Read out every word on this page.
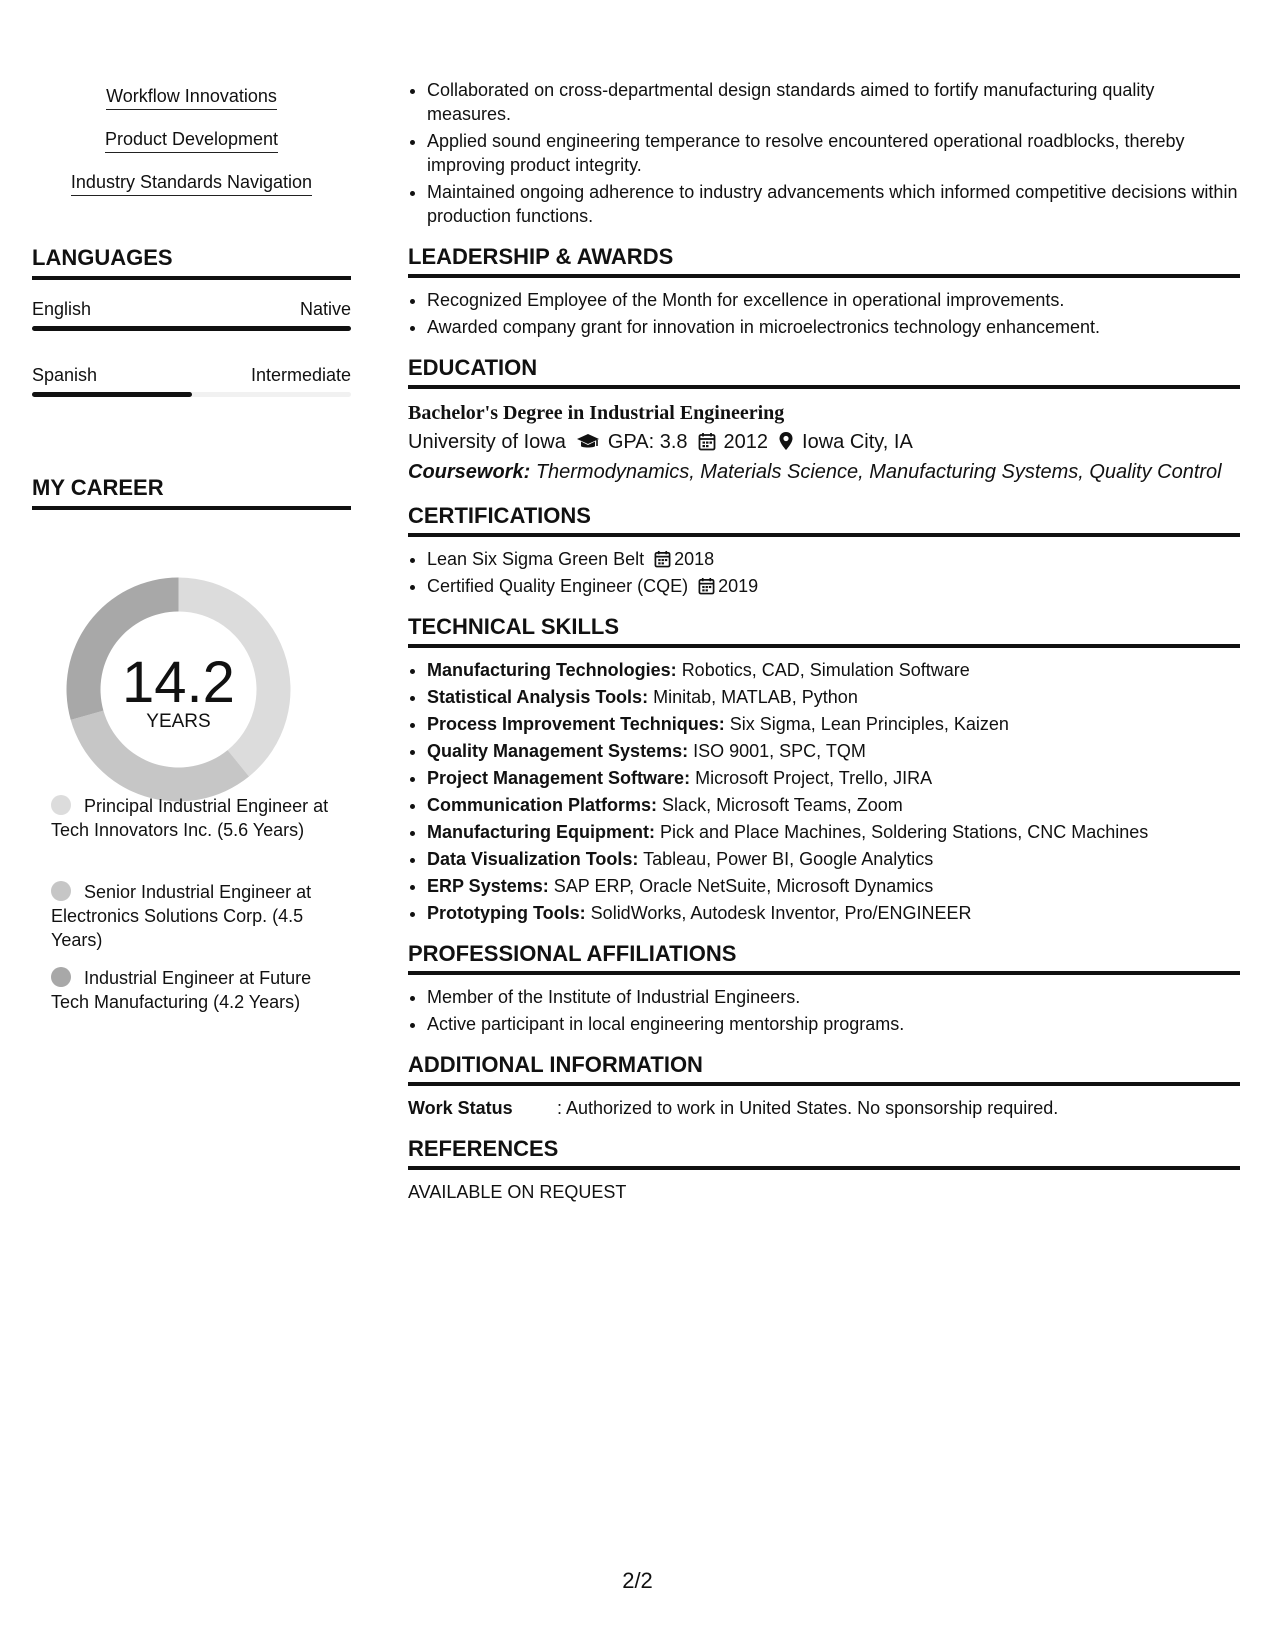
Workflow Innovations
Product Development
Industry Standards Navigation
LANGUAGES
English	Native
Spanish	Intermediate
MY CAREER
14.2
YEARS
Principal Industrial Engineer at Tech Innovators Inc. (5.6 Years)
Senior Industrial Engineer at Electronics Solutions Corp. (4.5 Years)
Industrial Engineer at Future Tech Manufacturing (4.2 Years)
• Collaborated on cross-departmental design standards aimed to fortify manufacturing quality measures.
• Applied sound engineering temperance to resolve encountered operational roadblocks, thereby improving product integrity.
• Maintained ongoing adherence to industry advancements which informed competitive decisions within production functions.
LEADERSHIP & AWARDS
• Recognized Employee of the Month for excellence in operational improvements.
• Awarded company grant for innovation in microelectronics technology enhancement.
EDUCATION
Bachelor's Degree in Industrial Engineering
University of Iowa GPA: 3.8 2012 Iowa City, IA
Coursework: Thermodynamics, Materials Science, Manufacturing Systems, Quality Control
CERTIFICATIONS
• Lean Six Sigma Green Belt 2018
• Certified Quality Engineer (CQE) 2019
TECHNICAL SKILLS
• Manufacturing Technologies: Robotics, CAD, Simulation Software
• Statistical Analysis Tools: Minitab, MATLAB, Python
• Process Improvement Techniques: Six Sigma, Lean Principles, Kaizen
• Quality Management Systems: ISO 9001, SPC, TQM
• Project Management Software: Microsoft Project, Trello, JIRA
• Communication Platforms: Slack, Microsoft Teams, Zoom
• Manufacturing Equipment: Pick and Place Machines, Soldering Stations, CNC Machines
• Data Visualization Tools: Tableau, Power BI, Google Analytics
• ERP Systems: SAP ERP, Oracle NetSuite, Microsoft Dynamics
• Prototyping Tools: SolidWorks, Autodesk Inventor, Pro/ENGINEER
PROFESSIONAL AFFILIATIONS
• Member of the Institute of Industrial Engineers.
• Active participant in local engineering mentorship programs.
ADDITIONAL INFORMATION
Work Status	: Authorized to work in United States. No sponsorship required.
REFERENCES
AVAILABLE ON REQUEST
2/2
